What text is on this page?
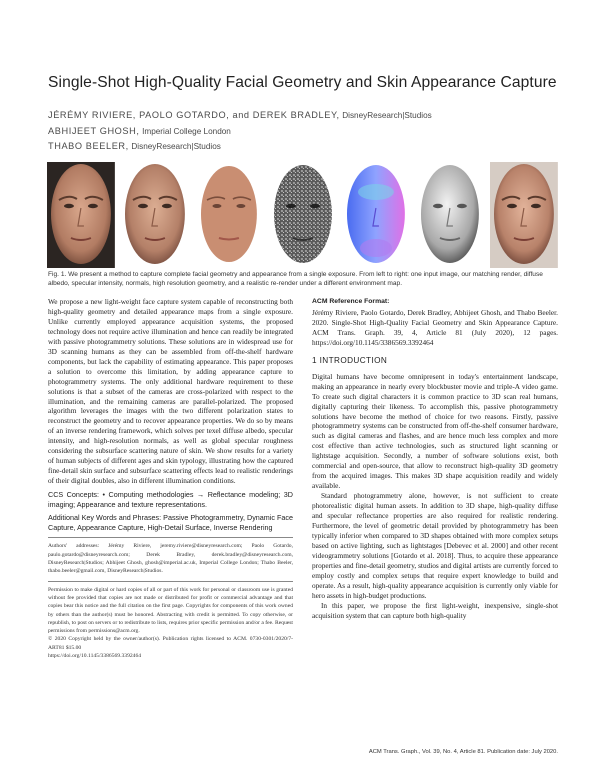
Single-Shot High-Quality Facial Geometry and Skin Appearance Capture
JÉRÉMY RIVIERE, PAOLO GOTARDO, and DEREK BRADLEY, DisneyResearch|Studios
ABHIJEET GHOSH, Imperial College London
THABO BEELER, DisneyResearch|Studios
Fig. 1. We present a method to capture complete facial geometry and appearance from a single exposure. From left to right: one input image, our matching render, diffuse albedo, specular intensity, normals, high resolution geometry, and a realistic re-render under a different environment map.

We propose a new light-weight face capture system capable of reconstructing both high-quality geometry and detailed appearance maps from a single exposure. Unlike currently employed appearance acquisition systems, the proposed technology does not require active illumination and hence can readily be integrated with passive photogrammetry solutions. These solutions are in widespread use for 3D scanning humans as they can be assembled from off-the-shelf hardware components, but lack the capability of estimating appearance. This paper proposes a solution to overcome this limitation, by adding appearance capture to photogrammetry systems. The only additional hardware requirement to these solutions is that a subset of the cameras are cross-polarized with respect to the illumination, and the remaining cameras are parallel-polarized. The proposed algorithm leverages the images with the two different polarization states to reconstruct the geometry and to recover appearance properties. We do so by means of an inverse rendering framework, which solves per texel diffuse albedo, specular intensity, and high-resolution normals, as well as global specular roughness considering the subsurface scattering nature of skin. We show results for a variety of human subjects of different ages and skin typology, illustrating how the captured fine-detail skin surface and subsurface scattering effects lead to realistic renderings of their digital doubles, also in different illumination conditions.

CCS Concepts: • Computing methodologies → Reflectance modeling; 3D imaging; Appearance and texture representations.

Additional Key Words and Phrases: Passive Photogrammetry, Dynamic Face Capture, Appearance Capture, High-Detail Surface, Inverse Rendering

Authors' addresses: Jérémy Riviere, jeremy.riviere@disneyresearch.com; Paolo Gotardo, paulo.gotardo@disneyresearch.com; Derek Bradley, derek.bradley@disneyresearch.com, DisneyResearch|Studios; Abhijeet Ghosh, ghosh@imperial.ac.uk, Imperial College London; Thabo Beeler, thabo.beeler@gmail.com, DisneyResearch|Studios.

Permission to make digital or hard copies of all or part of this work for personal or classroom use is granted without fee provided that copies are not made or distributed for profit or commercial advantage and that copies bear this notice and the full citation on the first page. Copyrights for components of this work owned by others than the author(s) must be honored. Abstracting with credit is permitted. To copy otherwise, or republish, to post on servers or to redistribute to lists, requires prior specific permission and/or a fee. Request permissions from permissions@acm.org.

© 2020 Copyright held by the owner/author(s). Publication rights licensed to ACM. 0730-0301/2020/7-ART81 $15.00

https://doi.org/10.1145/3386569.3392464

ACM Reference Format:

Jérémy Riviere, Paolo Gotardo, Derek Bradley, Abhijeet Ghosh, and Thabo Beeler. 2020. Single-Shot High-Quality Facial Geometry and Skin Appearance Capture. ACM Trans. Graph. 39, 4, Article 81 (July 2020), 12 pages. https://doi.org/10.1145/3386569.3392464

1 INTRODUCTION

Digital humans have become omnipresent in today's entertainment landscape, making an appearance in nearly every blockbuster movie and triple-A video game. To create such digital characters it is common practice to 3D scan real humans, digitally capturing their likeness. To accomplish this, passive photogrammetry solutions have become the method of choice for two reasons. Firstly, passive photogrammetry systems can be constructed from off-the-shelf consumer hardware, such as digital cameras and flashes, and are hence much less complex and more cost effective than active technologies, such as structured light scanning or lightstage acquisition. Secondly, a number of software solutions exist, both commercial and open-source, that allow to reconstruct high-quality 3D geometry from the acquired images. This makes 3D shape acquisition readily and widely available.

Standard photogrammetry alone, however, is not sufficient to create photorealistic digital human assets. In addition to 3D shape, high-quality diffuse and specular reflectance properties are also required for realistic rendering. Furthermore, the level of geometric detail provided by photogrammetry has been typically inferior when compared to 3D shapes obtained with more complex setups based on active lighting, such as lightstages [Debevec et al. 2000] and other recent videogrammetry solutions [Gotardo et al. 2018]. Thus, to acquire these appearance properties and fine-detail geometry, studios and digital artists are currently forced to employ costly and complex setups that require expert knowledge to build and operate. As a result, high-quality appearance acquisition is currently only viable for hero assets in high-budget productions.

In this paper, we propose the first light-weight, inexpensive, single-shot acquisition system that can capture both high-quality

ACM Trans. Graph., Vol. 39, No. 4, Article 81. Publication date: July 2020.
